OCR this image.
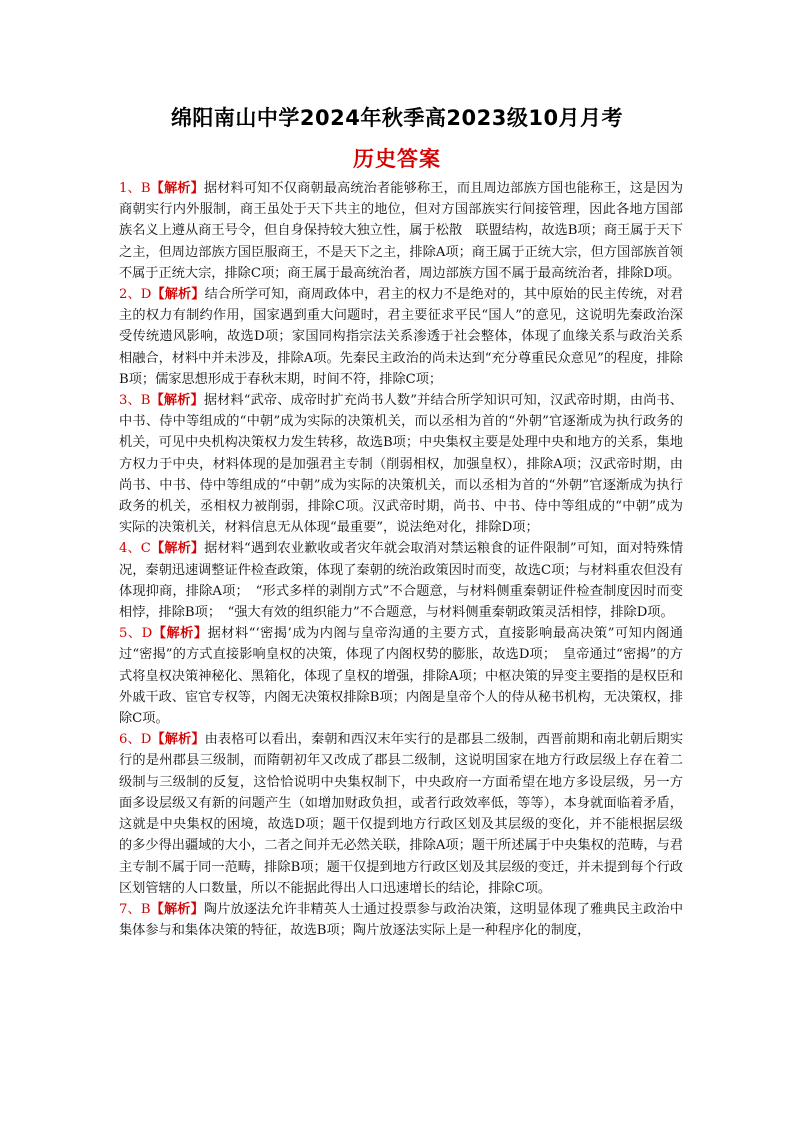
绵阳南山中学2024年秋季高2023级10月月考
历史答案

1、B【解析】据材料可知不仅商朝最高统治者能够称王，而且周边部族方国也能称王，这是因为商朝实行内外服制，商王虽处于天下共主的地位，但对方国部族实行间接管理，因此各地方国部族名义上遵从商王号令，但自身保持较大独立性，属于松散　联盟结构，故选B项；商王属于天下之主，但周边部族方国臣服商王，不是天下之主，排除A项；商王属于正统大宗，但方国部族首领不属于正统大宗，排除C项；商王属于最高统治者，周边部族方国不属于最高统治者，排除D项。

2、D【解析】结合所学可知，商周政体中，君主的权力不是绝对的，其中原始的民主传统，对君主的权力有制约作用，国家遇到重大问题时，君主要征求平民“国人”的意见，这说明先秦政治深受传统遗风影响，故选D项；家国同构指宗法关系渗透于社会整体，体现了血缘关系与政治关系相融合，材料中并未涉及，排除A项。先秦民主政治的尚未达到“充分尊重民众意见”的程度，排除B项；儒家思想形成于春秋末期，时间不符，排除C项；

3、B【解析】据材料“武帝、成帝时扩充尚书人数”并结合所学知识可知，汉武帝时期，由尚书、中书、侍中等组成的“中朝”成为实际的决策机关，而以丞相为首的“外朝”官逐渐成为执行政务的机关，可见中央机构决策权力发生转移，故选B项；中央集权主要是处理中央和地方的关系，集地方权力于中央，材料体现的是加强君主专制（削弱相权，加强皇权），排除A项；汉武帝时期，由尚书、中书、侍中等组成的“中朝”成为实际的决策机关，而以丞相为首的“外朝”官逐渐成为执行政务的机关，丞相权力被削弱，排除C项。汉武帝时期，尚书、中书、侍中等组成的“中朝”成为实际的决策机关，材料信息无从体现“最重要”，说法绝对化，排除D项；

4、C【解析】据材料“遇到农业歉收或者灾年就会取消对禁运粮食的证件限制”可知，面对特殊情况，秦朝迅速调整证件检查政策，体现了秦朝的统治政策因时而变，故选C项；与材料重农但没有体现抑商，排除A项；　“形式多样的剥削方式”不合题意，与材料侧重秦朝证件检查制度因时而变相悖，排除B项；　“强大有效的组织能力”不合题意，与材料侧重秦朝政策灵活相悖，排除D项。

5、D【解析】据材料“‘密揭’成为内阁与皇帝沟通的主要方式，直接影响最高决策”可知内阁通过“密揭”的方式直接影响皇权的决策，体现了内阁权势的膨胀，故选D项；　皇帝通过“密揭”的方式将皇权决策神秘化、黑箱化，体现了皇权的增强，排除A项；中枢决策的异变主要指的是权臣和外戚干政、宦官专权等，内阁无决策权排除B项；内阁是皇帝个人的侍从秘书机构，无决策权，排除C项。

6、D【解析】由表格可以看出，秦朝和西汉末年实行的是郡县二级制，西晋前期和南北朝后期实行的是州郡县三级制，而隋朝初年又改成了郡县二级制，这说明国家在地方行政层级上存在着二级制与三级制的反复，这恰恰说明中央集权制下，中央政府一方面希望在地方多设层级，另一方面多设层级又有新的问题产生（如增加财政负担，或者行政效率低，等等），本身就面临着矛盾，这就是中央集权的困境，故选D项；题干仅提到地方行政区划及其层级的变化，并不能根据层级的多少得出疆域的大小，二者之间并无必然关联，排除A项；题干所述属于中央集权的范畴，与君主专制不属于同一范畴，排除B项；题干仅提到地方行政区划及其层级的变迁，并未提到每个行政区划管辖的人口数量，所以不能据此得出人口迅速增长的结论，排除C项。

7、B【解析】陶片放逐法允许非精英人士通过投票参与政治决策，这明显体现了雅典民主政治中集体参与和集体决策的特征，故选B项；陶片放逐法实际上是一种程序化的制度，
